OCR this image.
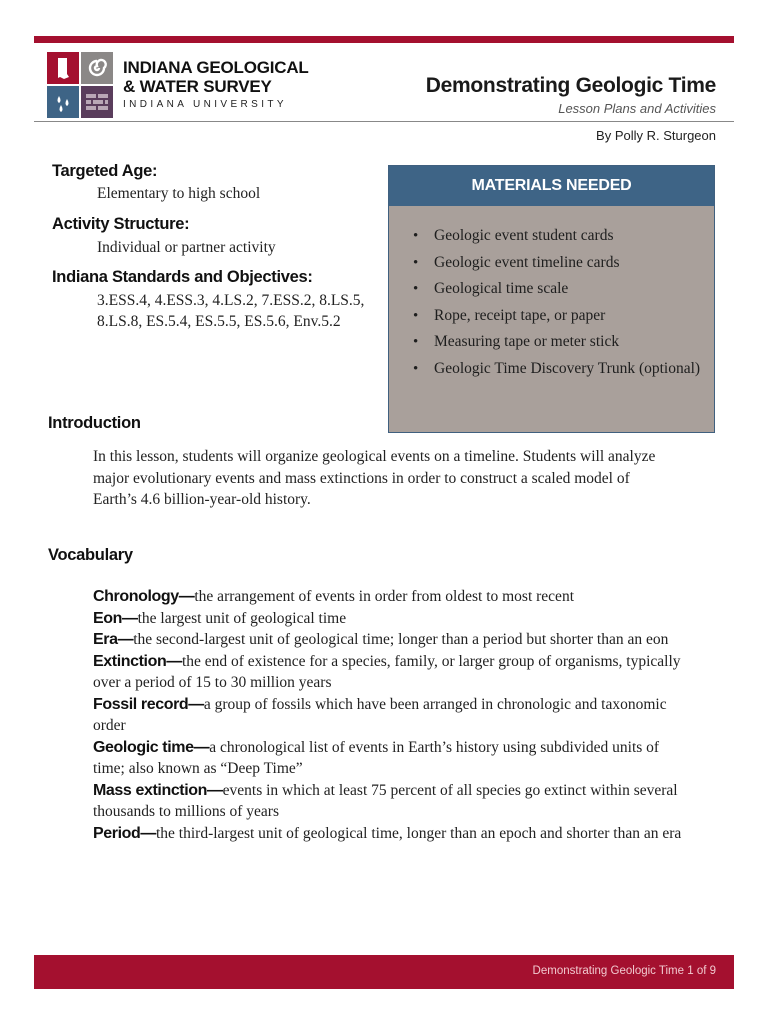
INDIANA GEOLOGICAL
& WATER SURVEY
INDIANA UNIVERSITY
Demonstrating Geologic Time
Lesson Plans and Activities
By Polly R. Sturgeon
Targeted Age:
Elementary to high school
Activity Structure:
Individual or partner activity
Indiana Standards and Objectives:
3.ESS.4, 4.ESS.3, 4.LS.2, 7.ESS.2, 8.LS.5,
8.LS.8, ES.5.4, ES.5.5, ES.5.6, Env.5.2
MATERIALS NEEDED
• Geologic event student cards
• Geologic event timeline cards
• Geological time scale
• Rope, receipt tape, or paper
• Measuring tape or meter stick
• Geologic Time Discovery Trunk (optional)
Introduction
In this lesson, students will organize geological events on a timeline. Students will analyze major evolutionary events and mass extinctions in order to construct a scaled model of Earth’s 4.6 billion-year-old history.
Vocabulary

Chronology—the arrangement of events in order from oldest to most recent

Eon—the largest unit of geological time

Era—the second-largest unit of geological time; longer than a period but shorter than an eon

Extinction—the end of existence for a species, family, or larger group of organisms, typically over a period of 15 to 30 million years

Fossil record—a group of fossils which have been arranged in chronologic and taxonomic order

Geologic time—a chronological list of events in Earth’s history using subdivided units of time; also known as “Deep Time”

Mass extinction—events in which at least 75 percent of all species go extinct within several thousands to millions of years

Period—the third-largest unit of geological time, longer than an epoch and shorter than an era

Demonstrating Geologic Time 1 of 9
